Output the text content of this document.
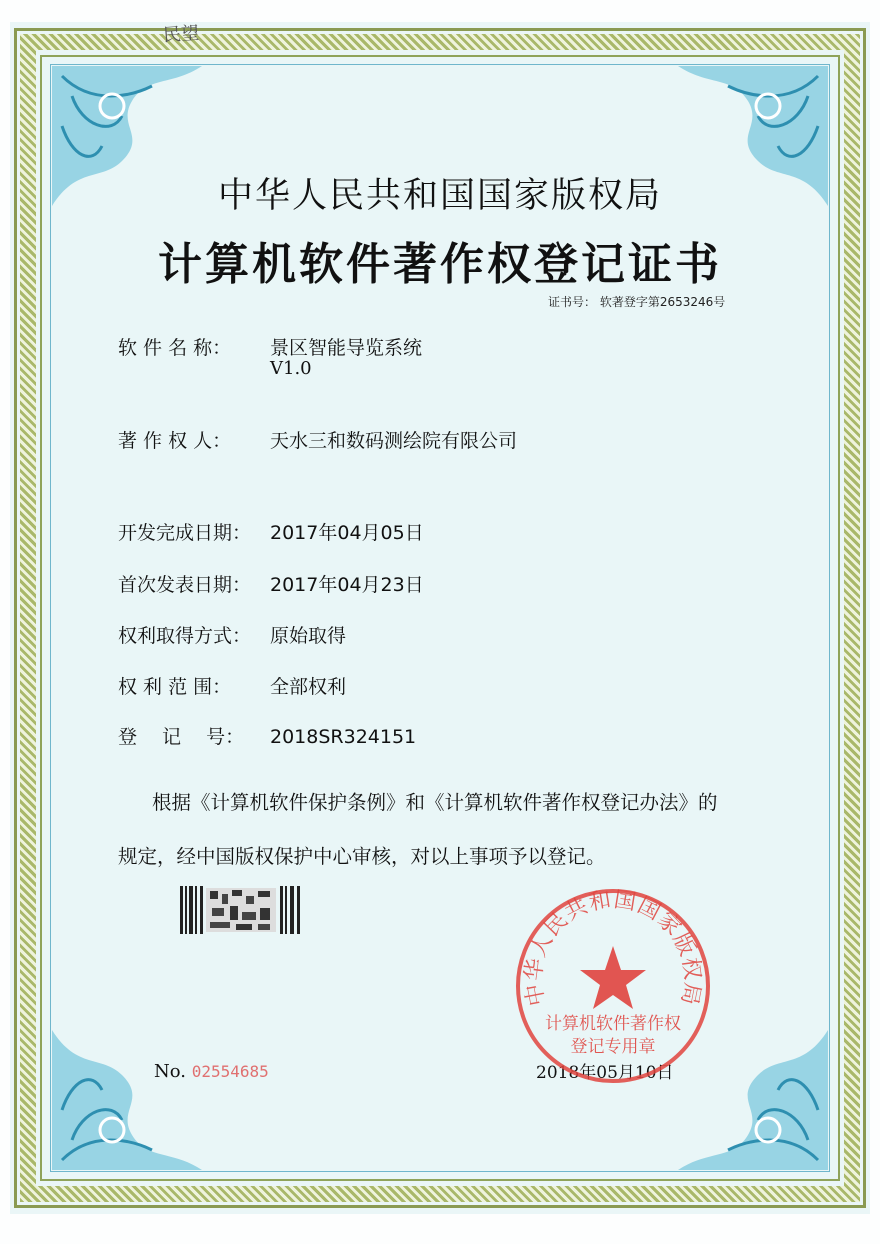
民望
中华人民共和国国家版权局
计算机软件著作权登记证书
证书号： 软著登字第2653246号
软 件 名 称： 景区智能导览系统
V1.0
著 作 权 人： 天水三和数码测绘院有限公司
开发完成日期： 2017年04月05日
首次发表日期： 2017年04月23日
权利取得方式： 原始取得
权 利 范 围： 全部权利
登　 记　 号： 2018SR324151
根据《计算机软件保护条例》和《计算机软件著作权登记办法》的
规定，经中国版权保护中心审核，对以上事项予以登记。
No. 02554685	2018年05月10日
中华人民共和国国家版权局
计算机软件著作权
登记专用章
